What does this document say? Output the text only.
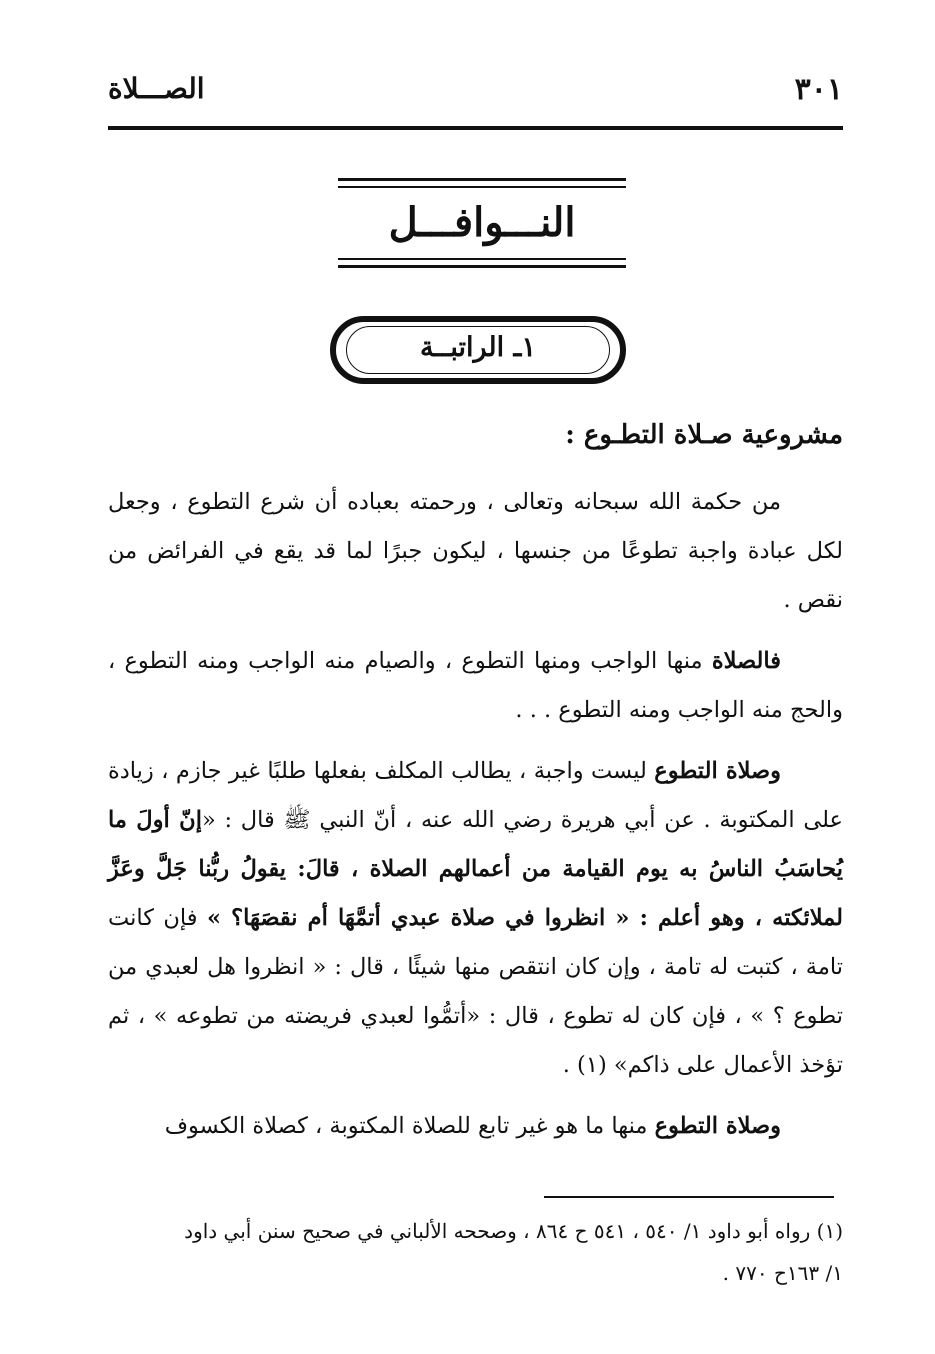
٣٠١
الصـــلاة
النـــوافـــل
١ـ الراتبــة
مشروعية صـلاة التطـوع :

من حكمة الله سبحانه وتعالى ، ورحمته بعباده أن شرع التطوع ، وجعل لكل عبادة واجبة تطوعًا من جنسها ، ليكون جبرًا لما قد يقع في الفرائض من نقص .

فالصلاة منها الواجب ومنها التطوع ، والصيام منه الواجب ومنه التطوع ، والحج منه الواجب ومنه التطوع . . .

وصلاة التطوع ليست واجبة ، يطالب المكلف بفعلها طلبًا غير جازم ، زيادة على المكتوبة . عن أبي هريرة رضي الله عنه ، أنّ النبي ﷺ قال : «إنّ أولَ ما يُحاسَبُ الناسُ به يوم القيامة من أعمالهم الصلاة ، قالَ: يقولُ ربُّنا جَلَّ وعَزَّ لملائكته ، وهو أعلم : « انظروا في صلاة عبدي أتمَّهَا أم نقصَهَا؟ » فإن كانت تامة ، كتبت له تامة ، وإن كان انتقص منها شيئًا ، قال : « انظروا هل لعبدي من تطوع ؟ » ، فإن كان له تطوع ، قال : «أتمُّوا لعبدي فريضته من تطوعه » ، ثم تؤخذ الأعمال على ذاكم» (١) .

وصلاة التطوع منها ما هو غير تابع للصلاة المكتوبة ، كصلاة الكسوف

(١) رواه أبو داود ١/ ٥٤٠ ، ٥٤١ ح ٨٦٤ ، وصححه الألباني في صحيح سنن أبي داود

١/ ١٦٣ح ٧٧٠ .
